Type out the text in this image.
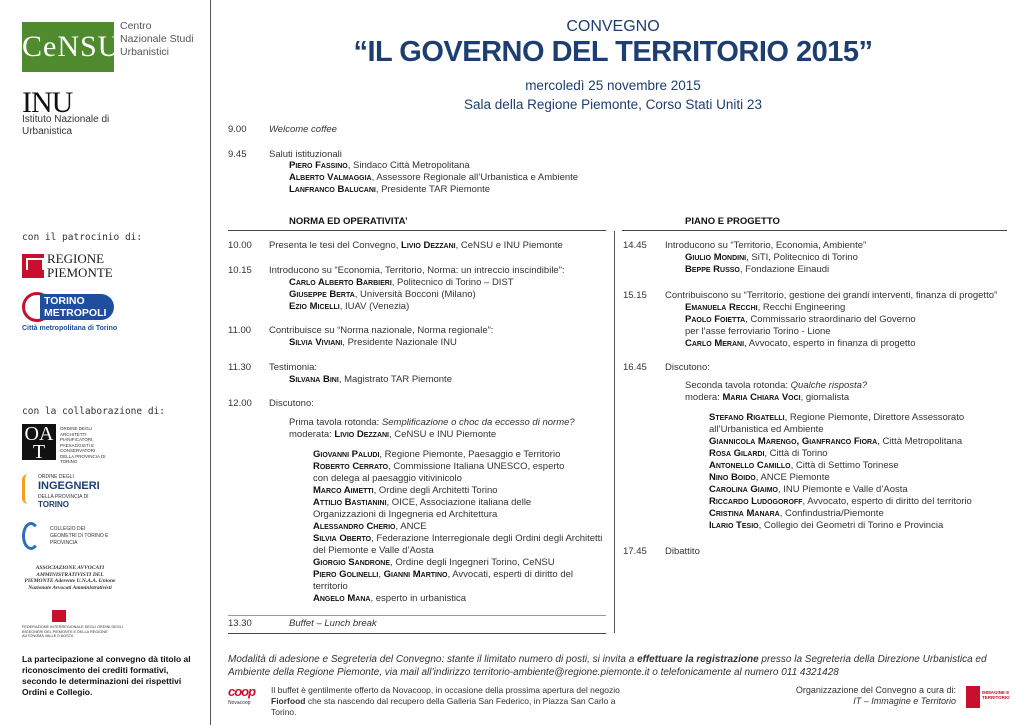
CeNSU
Centro Nazionale Studi Urbanistici
INU
Istituto Nazionale di Urbanistica
con il patrocinio di:
REGIONE
PIEMONTE
TORINO
METROPOLI
Città metropolitana di Torino
con la collaborazione di:
OA T
ORDINE DEGLI ARCHITETTI PIANIFICATORI, PAESAGGISTI E CONSERVATORI DELLA PROVINCIA DI TORINO
ORDINE DEGLI
INGEGNERI
DELLA PROVINCIA DI
TORINO
COLLEGIO DEI GEOMETRI DI TORINO E PROVINCIA
ASSOCIAZIONE AVVOCATI AMMINISTRATIVISTI DEL PIEMONTE Aderente U.N.A.A. Unione Nazionale Avvocati Amministrativisti
FEDERAZIONE INTERREGIONALE DEGLI ORDINI DEGLI INGEGNERI DEL PIEMONTE E DELLA REGIONE AUTONOMA VALLE D'AOSTA
La partecipazione al convegno dà titolo al riconoscimento dei crediti formativi, secondo le determinazioni dei rispettivi Ordini e Collegio.
CONVEGNO
“IL GOVERNO DEL TERRITORIO 2015”
mercoledì 25 novembre 2015
Sala della Regione Piemonte, Corso Stati Uniti 23
9.00 Welcome coffee
9.45 Saluti istituzionali
Piero Fassino, Sindaco Città Metropolitana
Alberto Valmaggia, Assessore Regionale all’Urbanistica e Ambiente
Lanfranco Balucani, Presidente TAR Piemonte
NORMA ED OPERATIVITA’
10.00 Presenta le tesi del Convegno, Livio Dezzani, CeNSU e INU Piemonte
10.15 Introducono su “Economia, Territorio, Norma: un intreccio inscindibile”:
Carlo Alberto Barbieri, Politecnico di Torino – DIST
Giuseppe Berta, Università Bocconi (Milano)
Ezio Micelli, IUAV (Venezia)
11.00 Contribuisce su “Norma nazionale, Norma regionale”:
Silvia Viviani, Presidente Nazionale INU
11.30 Testimonia:
Silvana Bini, Magistrato TAR Piemonte
12.00 Discutono:
Prima tavola rotonda: Semplificazione o choc da eccesso di norme?
moderata: Livio Dezzani, CeNSU e INU Piemonte
Giovanni Paludi, Regione Piemonte, Paesaggio e Territorio
Roberto Cerrato, Commissione Italiana UNESCO, esperto
con delega al paesaggio vitivinicolo
Marco Aimetti, Ordine degli Architetti Torino
Attilio Bastianini, OICE, Associazione italiana delle
Organizzazioni di Ingegneria ed Architettura
Alessandro Cherio, ANCE
Silvia Oberto, Federazione Interregionale degli Ordini degli Architetti
del Piemonte e Valle d’Aosta
Giorgio Sandrone, Ordine degli Ingegneri Torino, CeNSU
Piero Golinelli, Gianni Martino, Avvocati, esperti di diritto del
territorio
Angelo Mana, esperto in urbanistica
13.30	Buffet – Lunch break
PIANO E PROGETTO
14.45 Introducono su “Territorio, Economia, Ambiente”
Giulio Mondini, SiTI, Politecnico di Torino
Beppe Russo, Fondazione Einaudi
15.15 Contribuiscono su “Territorio, gestione dei grandi interventi, finanza di progetto”
Emanuela Recchi, Recchi Engineering
Paolo Foietta, Commissario straordinario del Governo
per l’asse ferroviario Torino - Lione
Carlo Merani, Avvocato, esperto in finanza di progetto
16.45 Discutono:
Seconda tavola rotonda: Qualche risposta?
modera: Maria Chiara Voci, giornalista
Stefano Rigatelli, Regione Piemonte, Direttore Assessorato
all’Urbanistica ed Ambiente
Giannicola Marengo, Gianfranco Fiora, Città Metropolitana
Rosa Gilardi, Città di Torino
Antonello Camillo, Città di Settimo Torinese
Nino Boido, ANCE Piemonte
Carolina Giaimo, INU Piemonte e Valle d’Aosta
Riccardo Ludogoroff, Avvocato, esperto di diritto del territorio
Cristina Manara, Confindustria/Piemonte
Ilario Tesio, Collegio dei Geometri di Torino e Provincia
17.45 Dibattito
Modalità di adesione e Segreteria del Convegno: stante il limitato numero di posti, si invita a effettuare la registrazione presso la Segreteria della Direzione Urbanistica ed Ambiente della Regione Piemonte, via mail all’indirizzo territorio-ambiente@regione.piemonte.it o telefonicamente al numero 011 4321428
coop
Novacoop
Il buffet è gentilmente offerto da Novacoop, in occasione della prossima apertura del negozio
Fiorfood che sta nascendo dal recupero della Galleria San Federico, in Piazza San Carlo a Torino.
Organizzazione del Convegno a cura di:
IT – Immagine e Territorio
IMMAGINE E TERRITORIO
